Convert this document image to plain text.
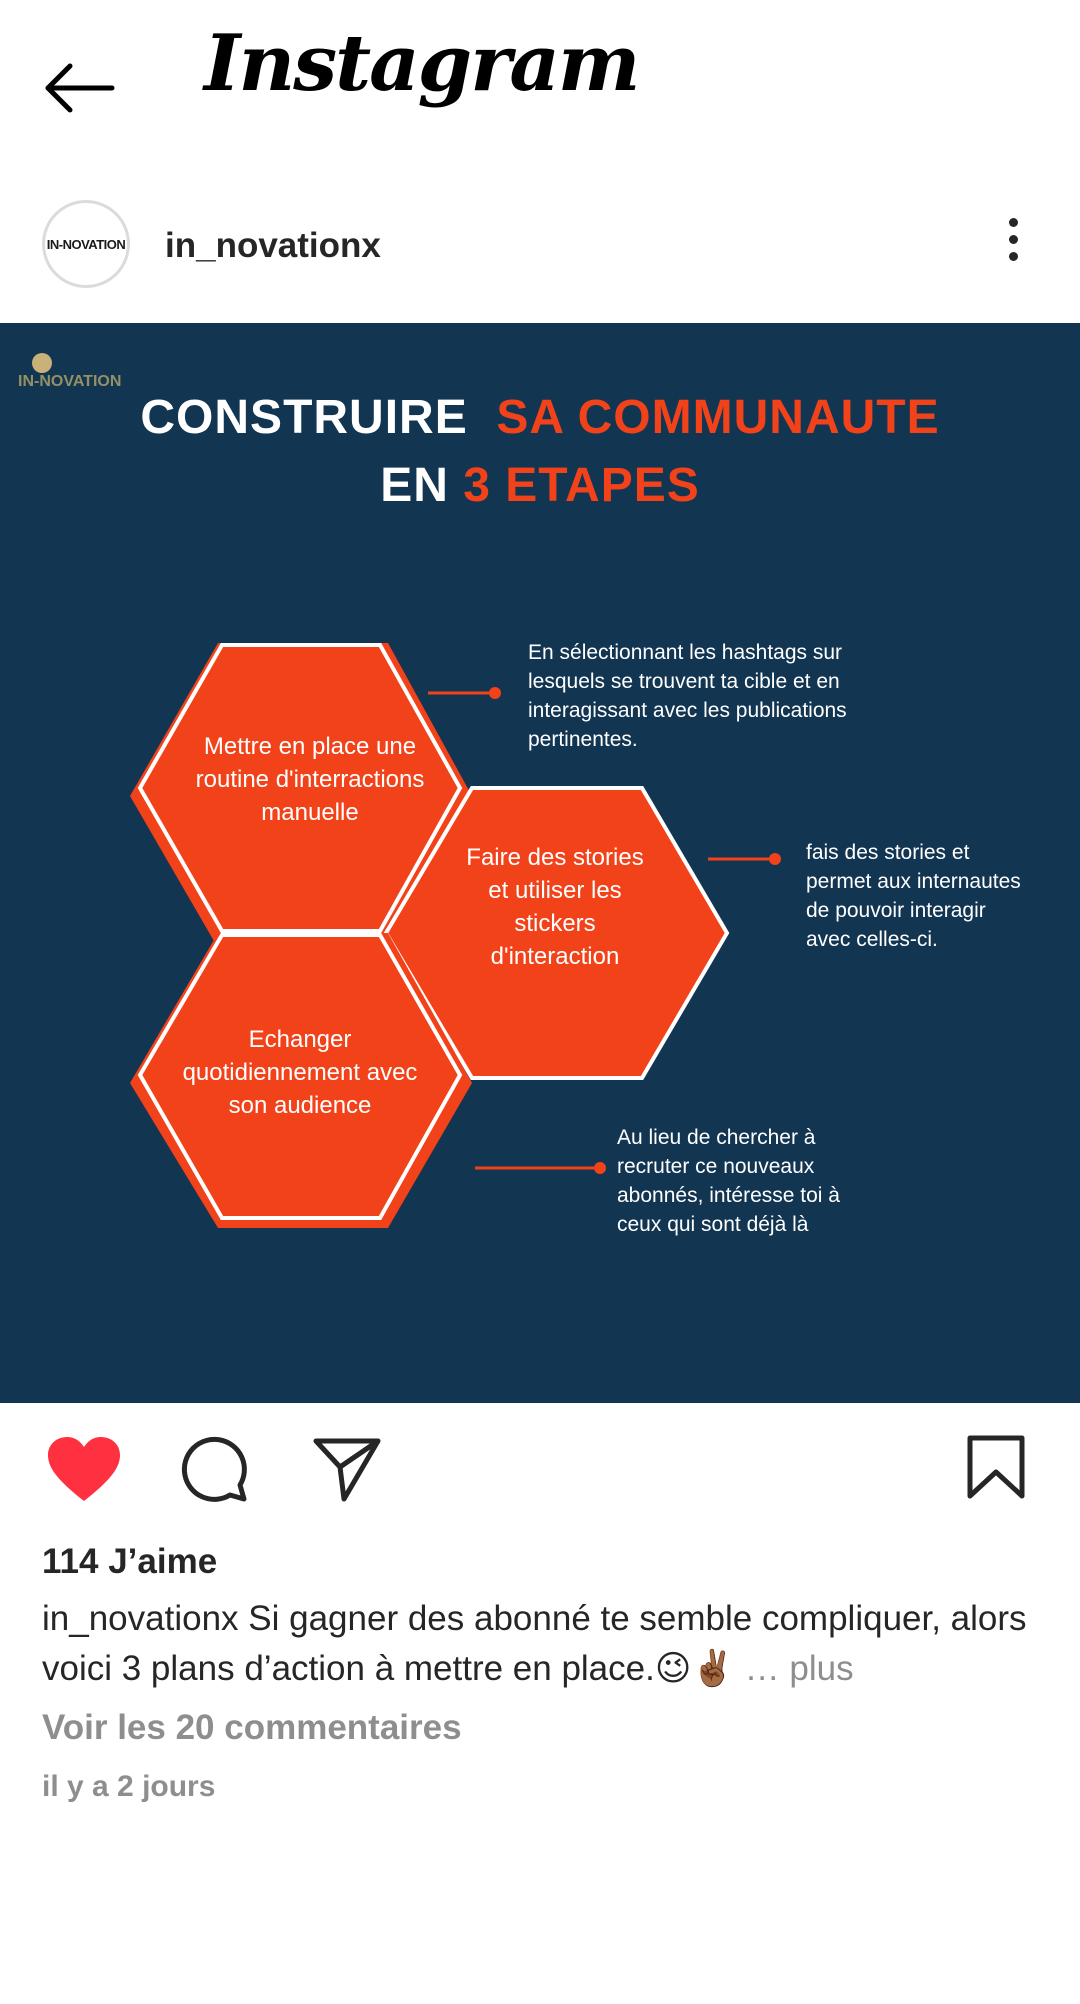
Instagram
IN-NOVATION in_novationx
IN-NOVATION
CONSTRUIRE SA COMMUNAUTE
EN 3 ETAPES
Mettre en place une routine d'interractions manuelle
Faire des stories et utiliser les stickers d'interaction
Echanger quotidiennement avec son audience
En sélectionnant les hashtags sur lesquels se trouvent ta cible et en interagissant avec les publications pertinentes.
fais des stories et permet aux internautes de pouvoir interagir avec celles-ci.
Au lieu de chercher à recruter ce nouveaux abonnés, intéresse toi à ceux qui sont déjà là
114 J’aime
in_novationx Si gagner des abonné te semble compliquer, alors voici 3 plans d’action à mettre en place.😉✌🏾 … plus
Voir les 20 commentaires
il y a 2 jours
